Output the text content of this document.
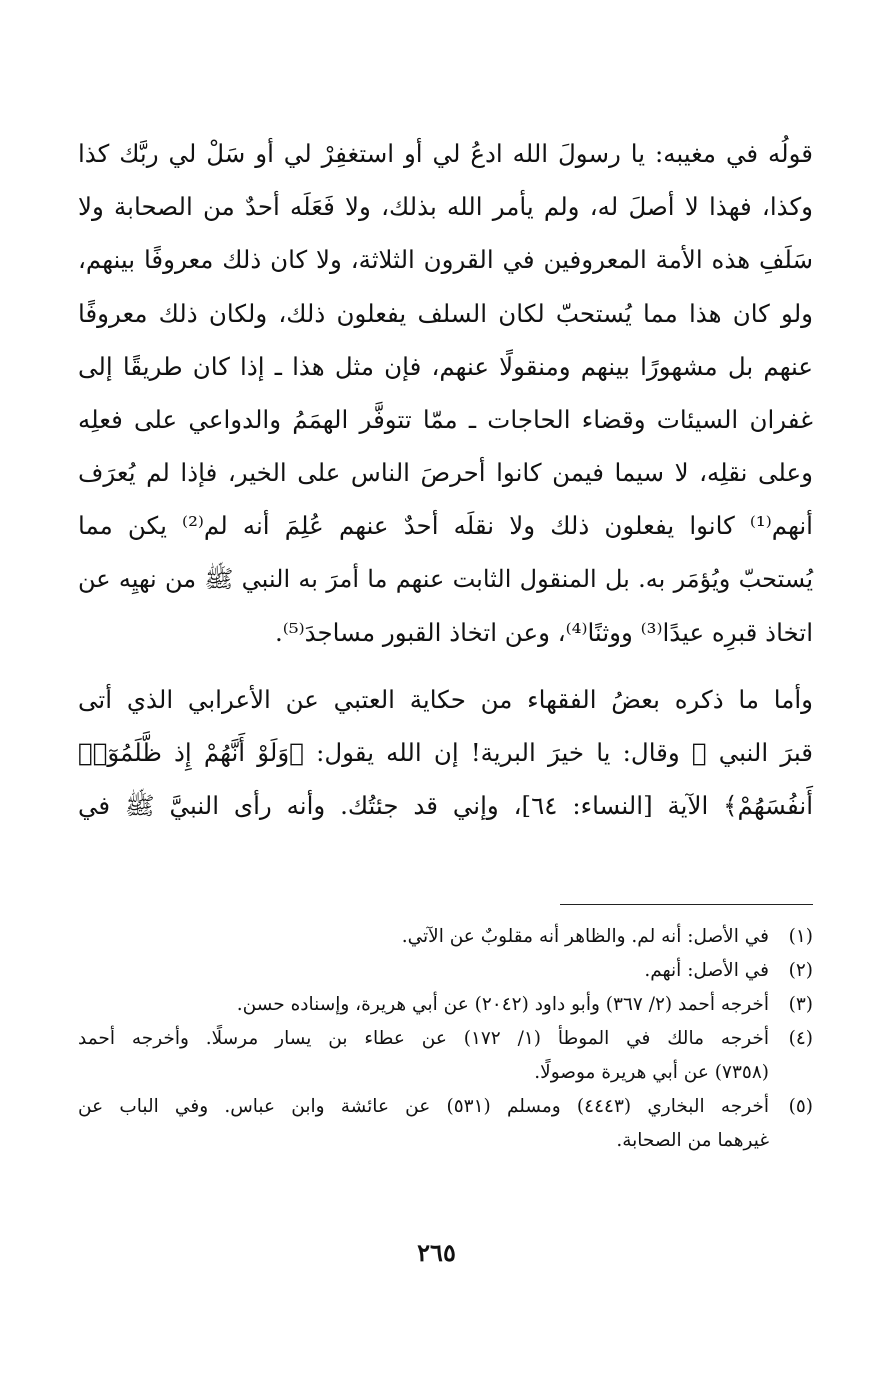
قولُه في مغيبه: يا رسولَ الله ادعُ لي أو استغفِرْ لي أو سَلْ لي ربَّك كذا
وكذا، فهذا لا أصلَ له، ولم يأمر الله بذلك، ولا فَعَلَه أحدٌ من الصحابة ولا
سَلَفِ هذه الأمة المعروفين في القرون الثلاثة، ولا كان ذلك معروفًا بينهم،
ولو كان هذا مما يُستحبّ لكان السلف يفعلون ذلك، ولكان ذلك معروفًا
عنهم بل مشهورًا بينهم ومنقولًا عنهم، فإن مثل هذا ـ إذا كان طريقًا إلى
غفران السيئات وقضاء الحاجات ـ ممّا تتوفَّر الهمَمُ والدواعي على فعلِه
وعلى نقلِه، لا سيما فيمن كانوا أحرصَ الناس على الخير، فإذا لم يُعرَف
أنهم⁽¹⁾ كانوا يفعلون ذلك ولا نقلَه أحدٌ عنهم عُلِمَ أنه لم⁽²⁾ يكن مما
يُستحبّ ويُؤمَر به. بل المنقول الثابت عنهم ما أمرَ به النبي ﷺ من نهيِه عن
اتخاذ قبرِه عيدًا⁽³⁾ ووثنًا⁽⁴⁾، وعن اتخاذ القبور مساجدَ⁽⁵⁾.

وأما ما ذكره بعضُ الفقهاء من حكاية العتبي عن الأعرابي الذي أتى
قبرَ النبي ﷺ وقال: يا خيرَ البرية! إن الله يقول: ﴿وَلَوْ أَنَّهُمْ إِذ ظَّلَمُوٓا۟
أَنفُسَهُمْ﴾ الآية [النساء: ٦٤]، وإني قد جئتُك. وأنه رأى النبيَّ ﷺ في

(١)
في الأصل: أنه لم. والظاهر أنه مقلوبٌ عن الآتي.
(٢)
في الأصل: أنهم.
(٣)
أخرجه أحمد (٢/ ٣٦٧) وأبو داود (٢٠٤٢) عن أبي هريرة، وإسناده حسن.
(٤)
أخرجه مالك في الموطأ (١/ ١٧٢) عن عطاء بن يسار مرسلًا. وأخرجه أحمد
(٧٣٥٨) عن أبي هريرة موصولًا.
(٥)
أخرجه البخاري (٤٤٤٣) ومسلم (٥٣١) عن عائشة وابن عباس. وفي الباب عن
غيرهما من الصحابة.
٢٦٥
